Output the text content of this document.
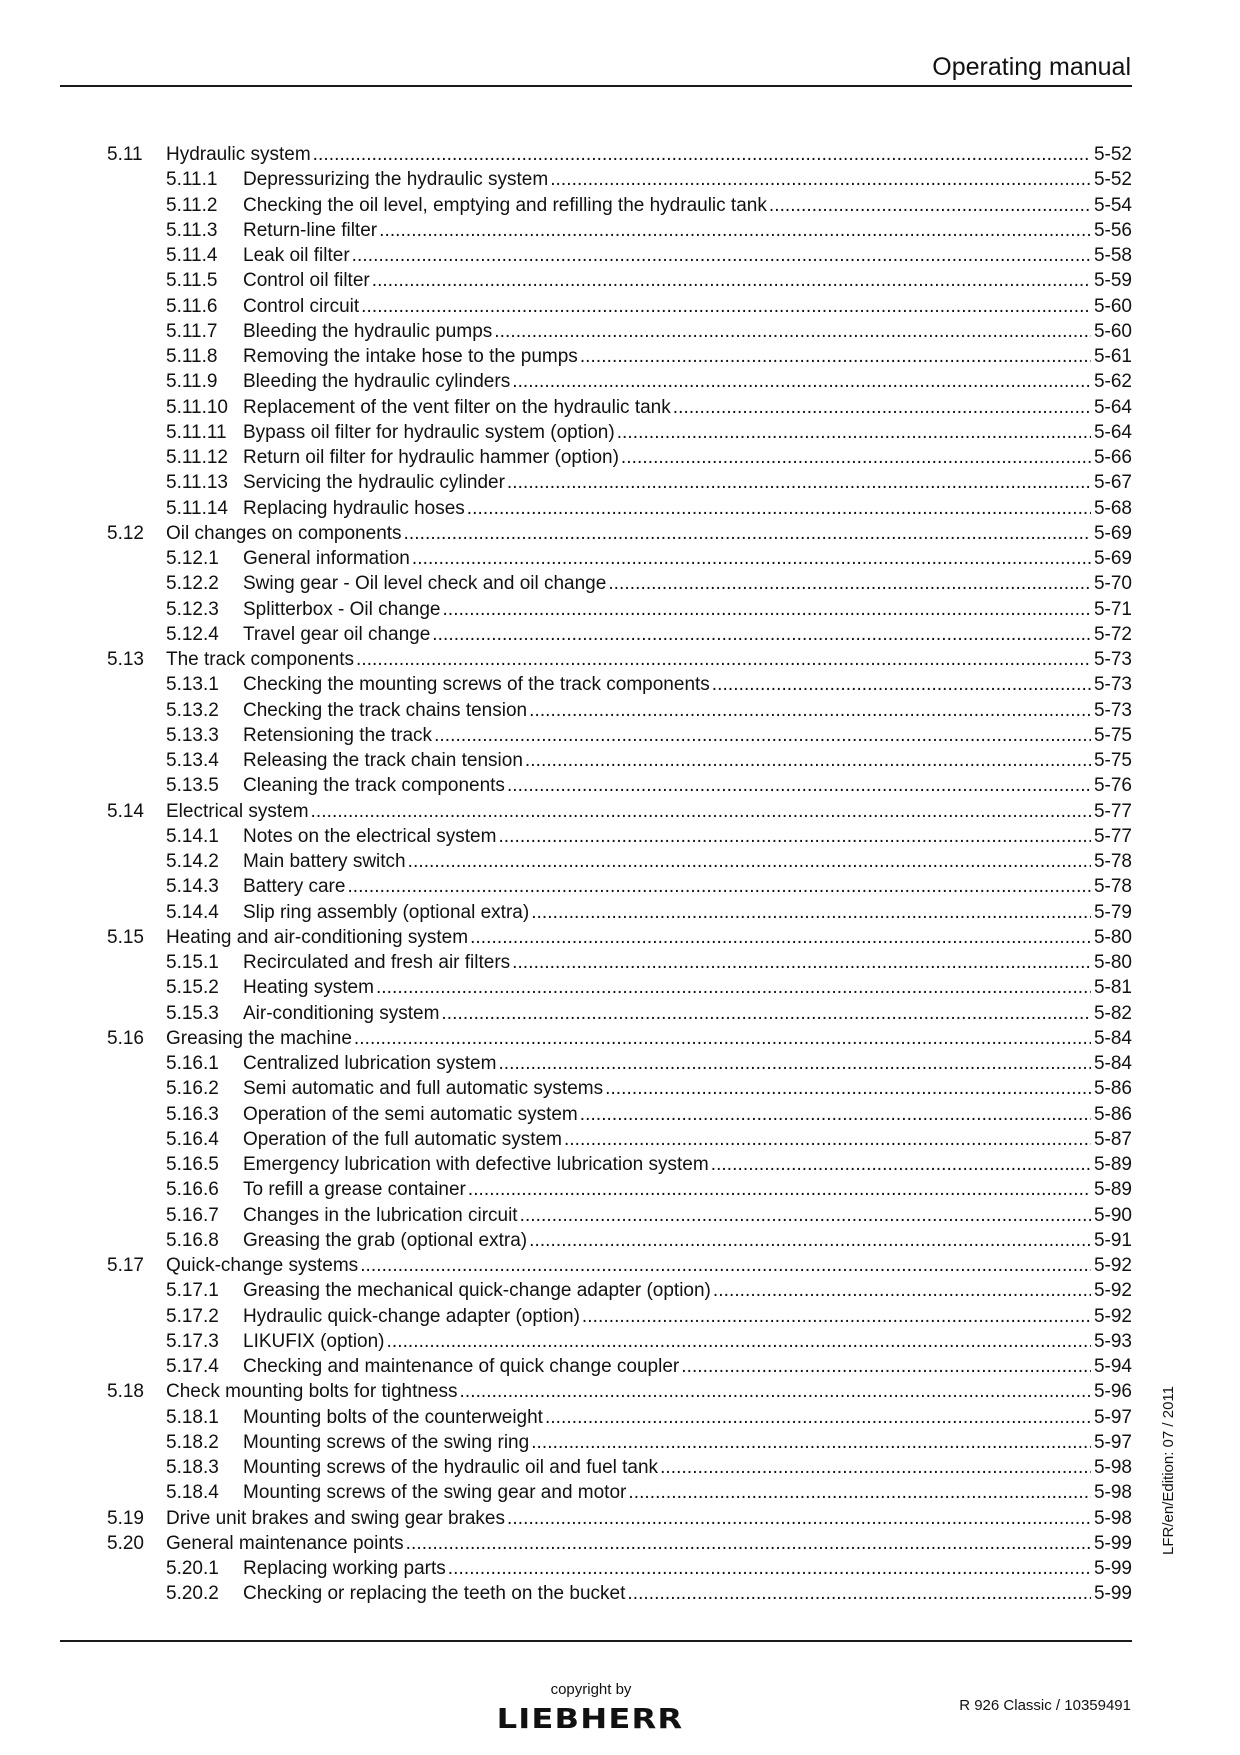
Operating manual
5.11	Hydraulic system . . .	5-52
5.11.1	Depressurizing the hydraulic system . . .	5-52
5.11.2	Checking the oil level, emptying and refilling the hydraulic tank . . .	5-54
5.11.3	Return-line filter . . .	5-56
5.11.4	Leak oil filter . . .	5-58
5.11.5	Control oil filter . . .	5-59
5.11.6	Control circuit . . .	5-60
5.11.7	Bleeding the hydraulic pumps . . .	5-60
5.11.8	Removing the intake hose to the pumps . . .	5-61
5.11.9	Bleeding the hydraulic cylinders . . .	5-62
5.11.10 Replacement of the vent filter on the hydraulic tank . . .	5-64
5.11.11 Bypass oil filter for hydraulic system (option) . . .	5-64
5.11.12 Return oil filter for hydraulic hammer (option) . . .	5-66
5.11.13 Servicing the hydraulic cylinder . . .	5-67
5.11.14 Replacing hydraulic hoses . . .	5-68
5.12	Oil changes on components . . .	5-69
5.12.1	General information . . .	5-69
5.12.2	Swing gear - Oil level check and oil change . . .	5-70
5.12.3	Splitterbox - Oil change . . .	5-71
5.12.4	Travel gear oil change . . .	5-72
5.13	The track components . . .	5-73
5.13.1	Checking the mounting screws of the track components . . .	5-73
5.13.2	Checking the track chains tension . . .	5-73
5.13.3	Retensioning the track . . .	5-75
5.13.4	Releasing the track chain tension . . .	5-75
5.13.5	Cleaning the track components . . .	5-76
5.14	Electrical system . . .	5-77
5.14.1	Notes on the electrical system . . .	5-77
5.14.2	Main battery switch . . .	5-78
5.14.3	Battery care . . .	5-78
5.14.4	Slip ring assembly (optional extra) . . .	5-79
5.15	Heating and air-conditioning system . . .	5-80
5.15.1	Recirculated and fresh air filters . . .	5-80
5.15.2	Heating system . . .	5-81
5.15.3	Air-conditioning system . . .	5-82
5.16	Greasing the machine . . .	5-84
5.16.1	Centralized lubrication system . . .	5-84
5.16.2	Semi automatic and full automatic systems . . .	5-86
5.16.3	Operation of the semi automatic system . . .	5-86
5.16.4	Operation of the full automatic system . . .	5-87
5.16.5	Emergency lubrication with defective lubrication system . . .	5-89
5.16.6	To refill a grease container . . .	5-89
5.16.7	Changes in the lubrication circuit . . .	5-90
5.16.8	Greasing the grab (optional extra) . . .	5-91
5.17	Quick-change systems . . .	5-92
5.17.1	Greasing the mechanical quick-change adapter (option) . . .	5-92
5.17.2	Hydraulic quick-change adapter (option) . . .	5-92
5.17.3	LIKUFIX (option) . . .	5-93
5.17.4	Checking and maintenance of quick change coupler . . .	5-94
5.18	Check mounting bolts for tightness . . .	5-96
5.18.1	Mounting bolts of the counterweight . . .	5-97
5.18.2	Mounting screws of the swing ring . . .	5-97
5.18.3	Mounting screws of the hydraulic oil and fuel tank . . .	5-98
5.18.4	Mounting screws of the swing gear and motor . . .	5-98
5.19	Drive unit brakes and swing gear brakes . . .	5-98
5.20	General maintenance points . . .	5-99
5.20.1	Replacing working parts . . .	5-99
5.20.2	Checking or replacing the teeth on the bucket . . .	5-99
LFR/en/Edition: 07 / 2011
copyright by
LIEBHERR	R 926 Classic / 10359491
